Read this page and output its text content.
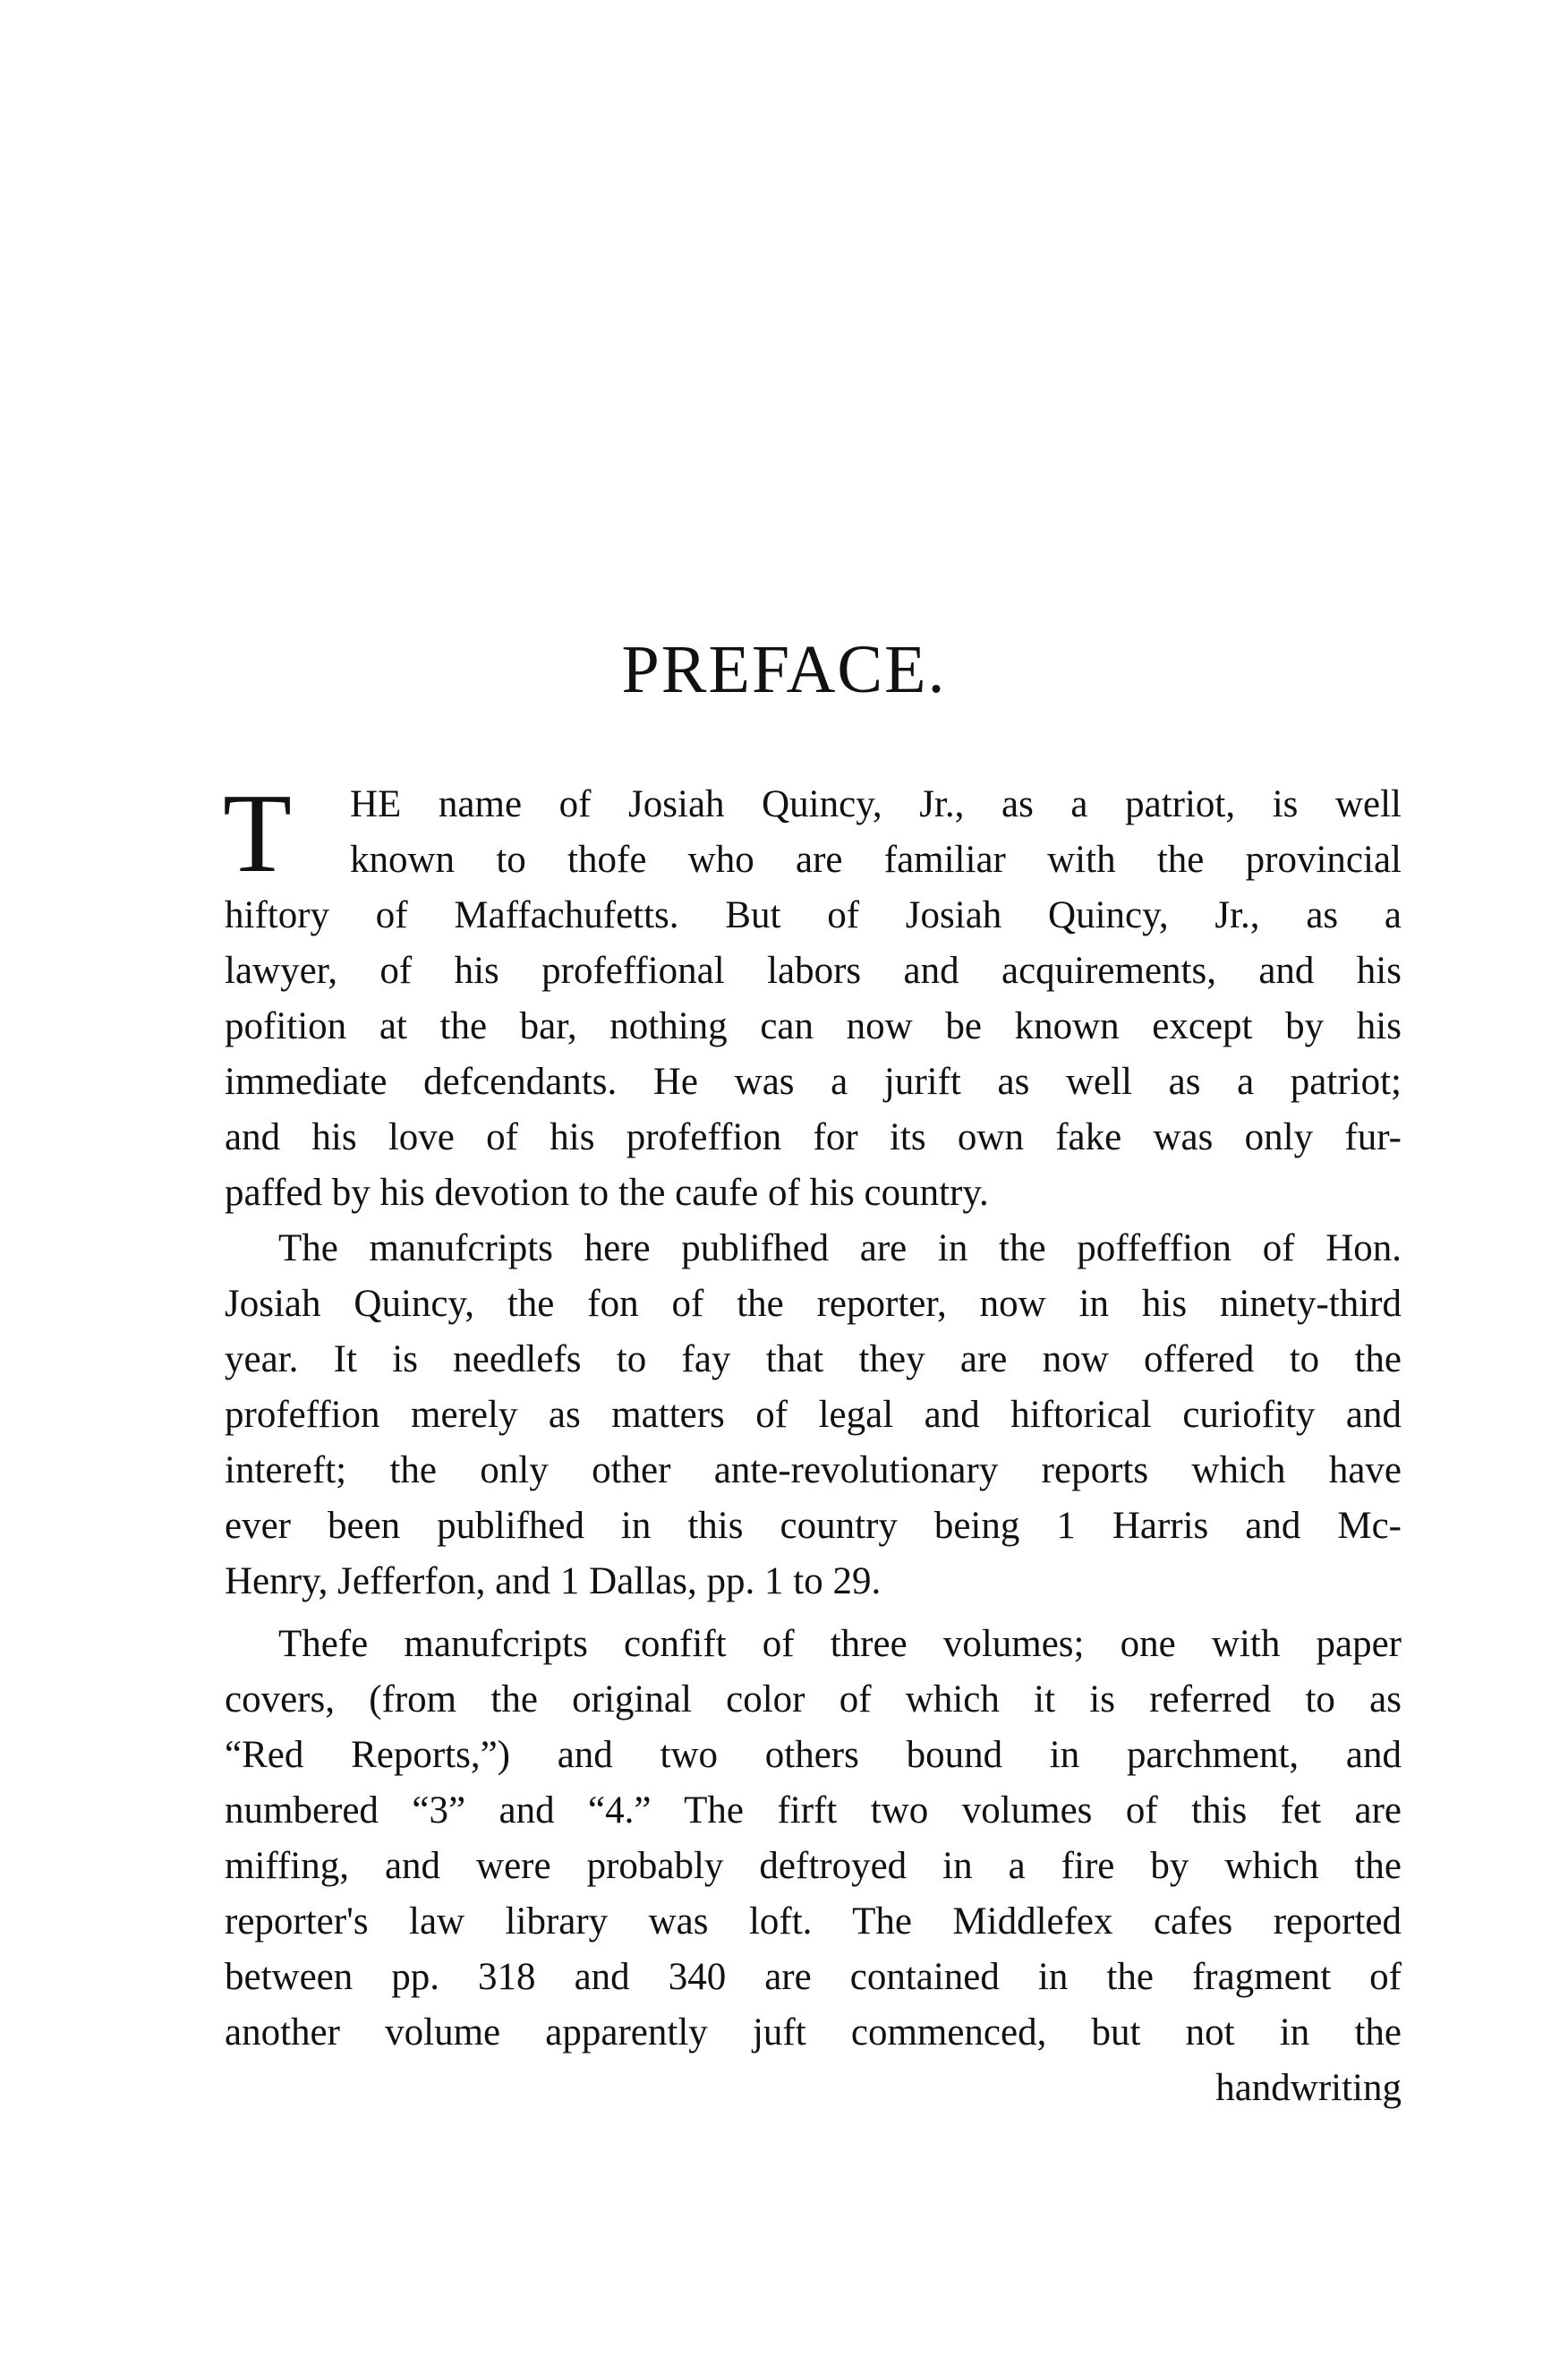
PREFACE.
T	HE name of Josiah Quincy, Jr., as a patriot, is well
known to thofe who are familiar with the provincial
hiftory of Maffachufetts. But of Josiah Quincy, Jr., as a
lawyer, of his profeffional labors and acquirements, and his
pofition at the bar, nothing can now be known except by his
immediate defcendants. He was a jurift as well as a patriot;
and his love of his profeffion for its own fake was only fur-
paffed by his devotion to the caufe of his country.
The manufcripts here publifhed are in the poffeffion of Hon.
Josiah Quincy, the fon of the reporter, now in his ninety-third
year. It is needlefs to fay that they are now offered to the
profeffion merely as matters of legal and hiftorical curiofity and
intereft; the only other ante-revolutionary reports which have
ever been publifhed in this country being 1 Harris and Mc-
Henry, Jefferfon, and 1 Dallas, pp. 1 to 29.
Thefe manufcripts confift of three volumes; one with paper
covers, (from the original color of which it is referred to as
“Red Reports,”) and two others bound in parchment, and
numbered “3” and “4.” The firft two volumes of this fet are
miffing, and were probably deftroyed in a fire by which the
reporter's law library was loft. The Middlefex cafes reported
between pp. 318 and 340 are contained in the fragment of
another volume apparently juft commenced, but not in the
handwriting
